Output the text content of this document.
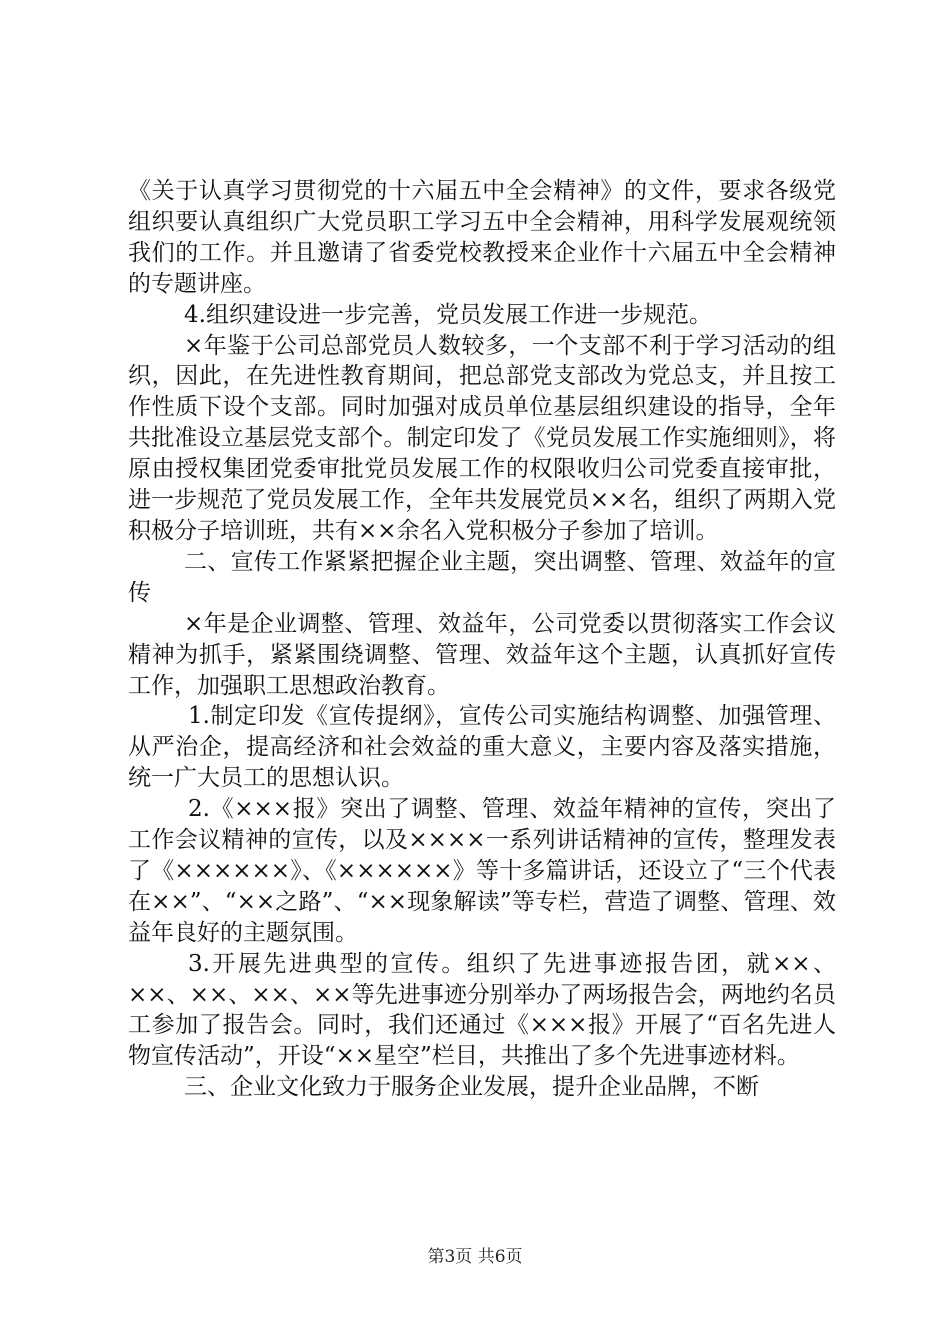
《关于认真学习贯彻党的十六届五中全会精神》的文件，要求各级党组织要认真组织广大党员职工学习五中全会精神，用科学发展观统领我们的工作。并且邀请了省委党校教授来企业作十六届五中全会精神的专题讲座。

4.组织建设进一步完善，党员发展工作进一步规范。

×年鉴于公司总部党员人数较多，一个支部不利于学习活动的组织，因此，在先进性教育期间，把总部党支部改为党总支，并且按工作性质下设个支部。同时加强对成员单位基层组织建设的指导，全年共批准设立基层党支部个。制定印发了《党员发展工作实施细则》，将原由授权集团党委审批党员发展工作的权限收归公司党委直接审批，进一步规范了党员发展工作，全年共发展党员××名，组织了两期入党积极分子培训班，共有××余名入党积极分子参加了培训。

二、宣传工作紧紧把握企业主题，突出调整、管理、效益年的宣传

×年是企业调整、管理、效益年，公司党委以贯彻落实工作会议精神为抓手，紧紧围绕调整、管理、效益年这个主题，认真抓好宣传工作，加强职工思想政治教育。

1.制定印发《宣传提纲》，宣传公司实施结构调整、加强管理、从严治企，提高经济和社会效益的重大意义，主要内容及落实措施，统一广大员工的思想认识。

2.《×××报》突出了调整、管理、效益年精神的宣传，突出了工作会议精神的宣传，以及××××一系列讲话精神的宣传，整理发表了《××××××》、《××××××》等十多篇讲话，还设立了“三个代表在××”、“××之路”、“××现象解读”等专栏，营造了调整、管理、效益年良好的主题氛围。

3.开展先进典型的宣传。组织了先进事迹报告团，就××、××、××、××、××等先进事迹分别举办了两场报告会，两地约名员工参加了报告会。同时，我们还通过《×××报》开展了“百名先进人物宣传活动”，开设“××星空”栏目，共推出了多个先进事迹材料。

三、企业文化致力于服务企业发展，提升企业品牌，不断

第3页 共6页
